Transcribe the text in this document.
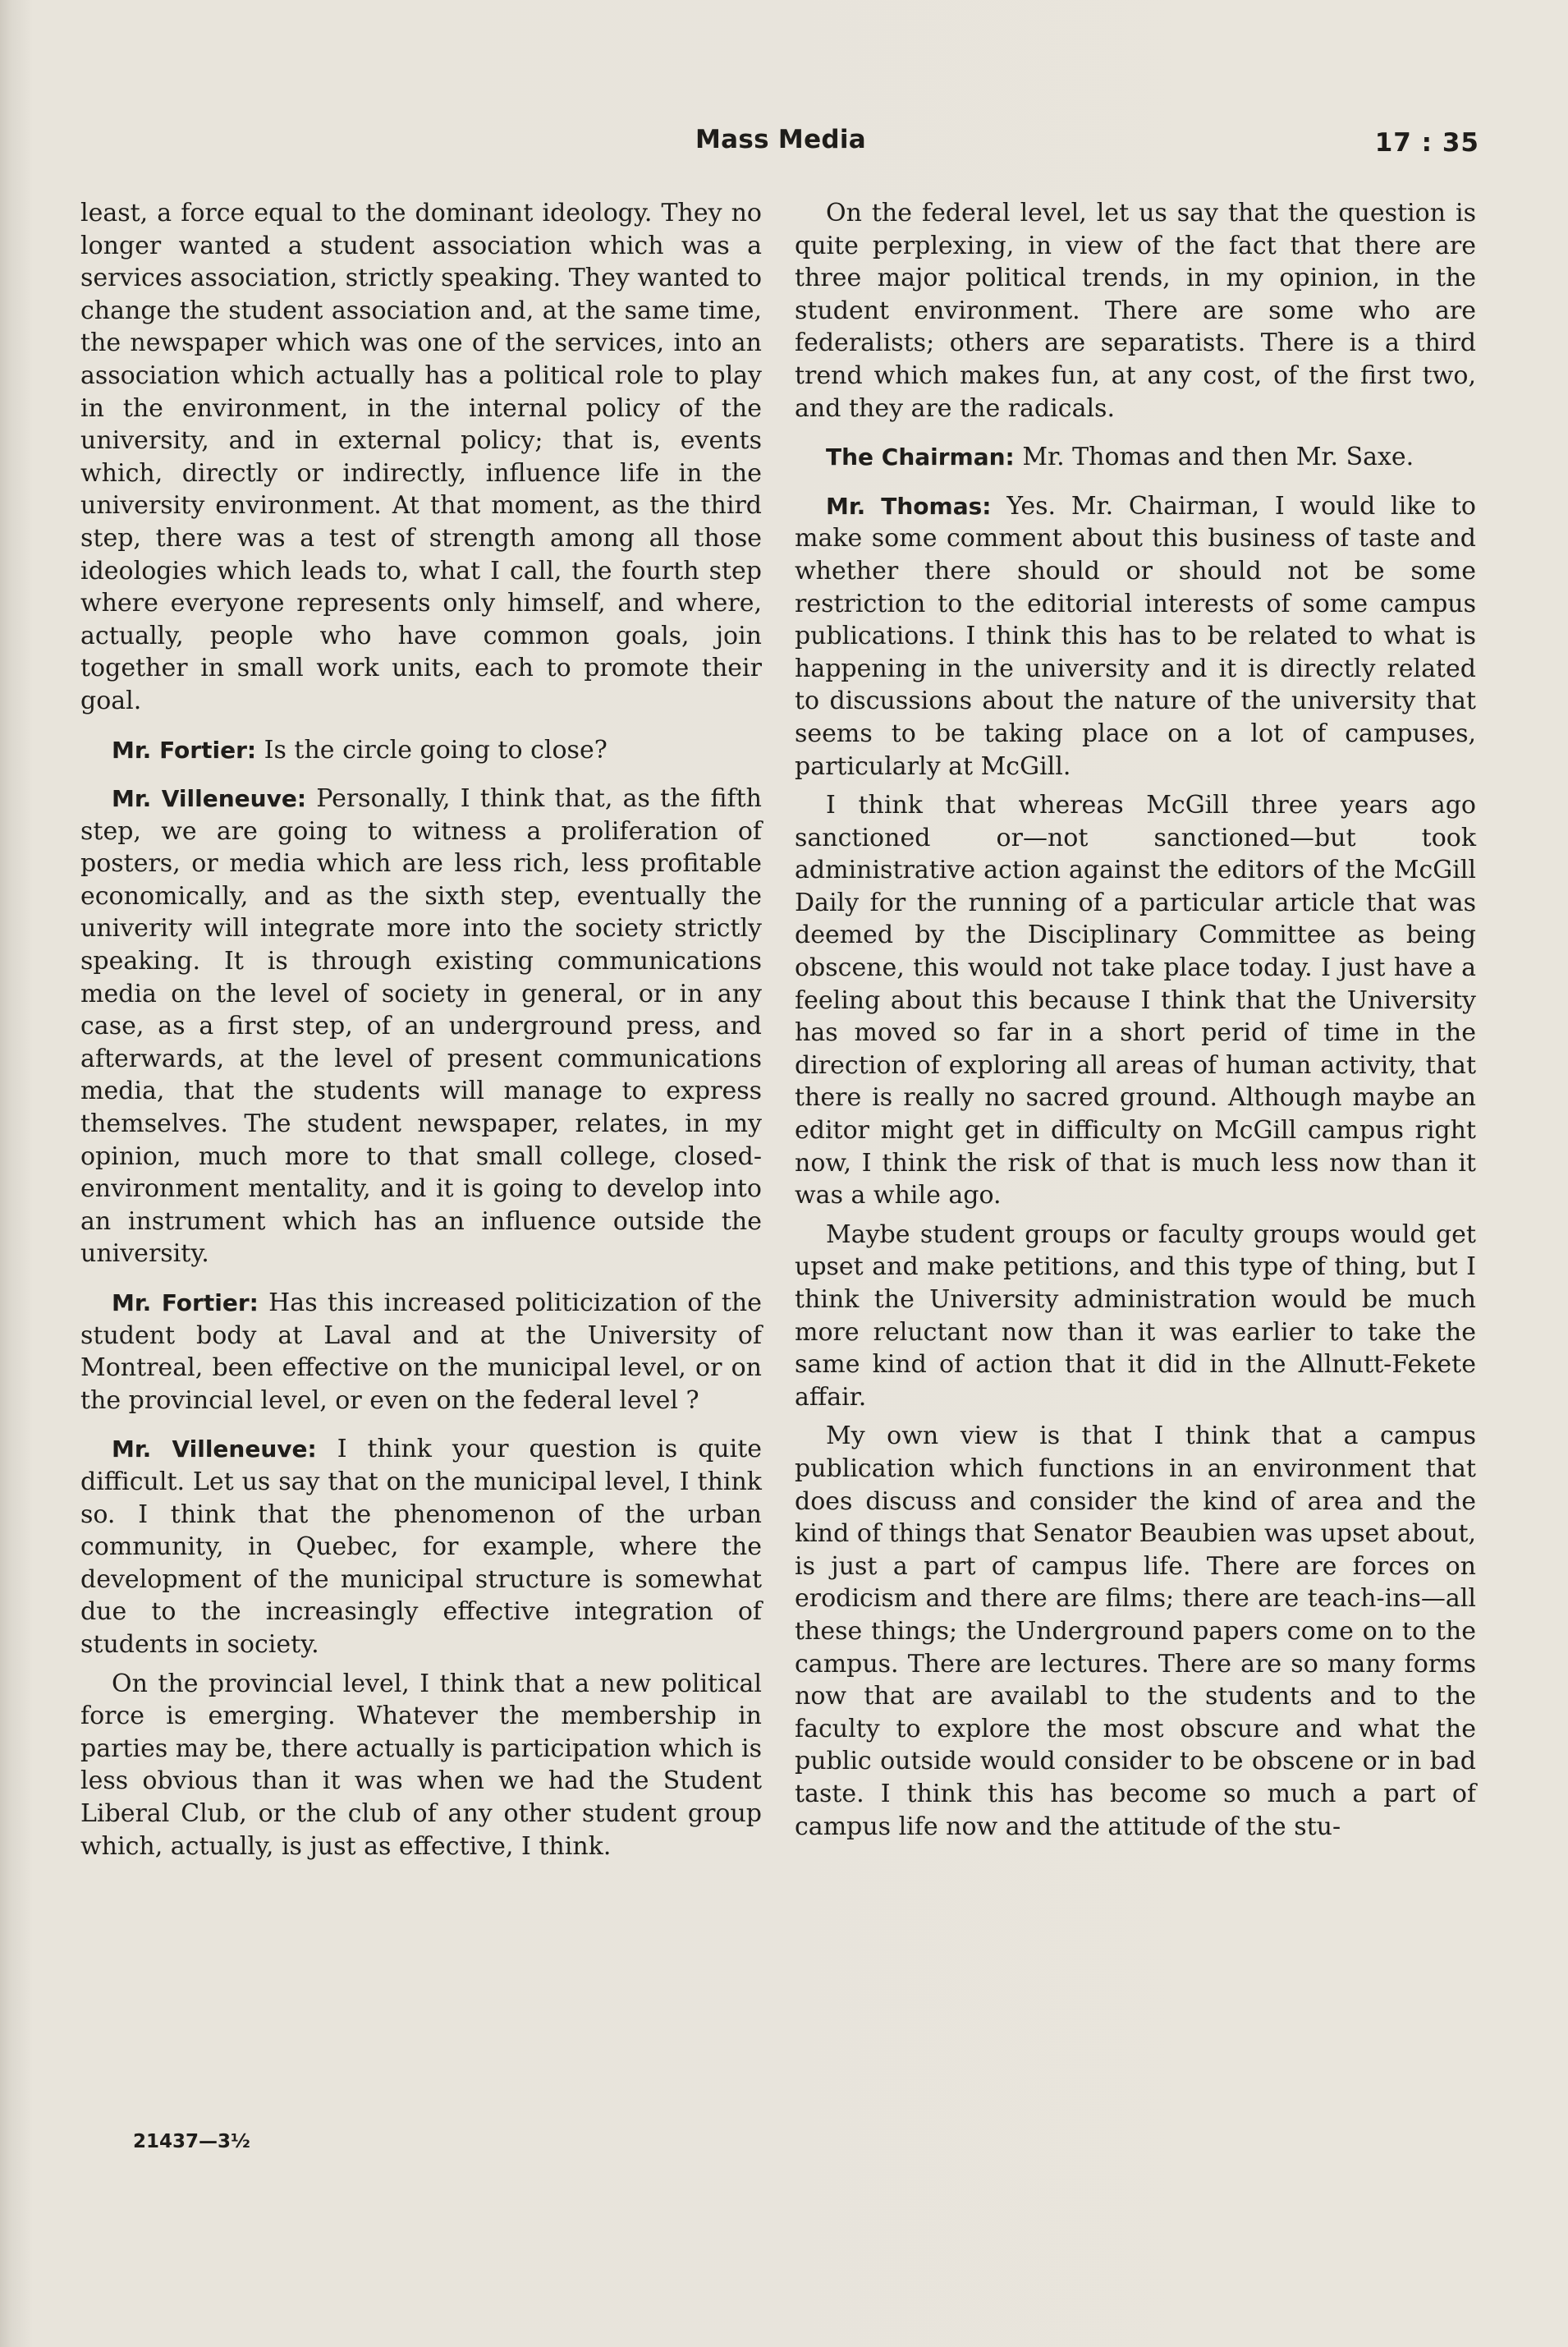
Mass Media	17 : 35

least, a force equal to the dominant ideology. They no longer wanted a student association which was a services association, strictly speaking. They wanted to change the student association and, at the same time, the newspaper which was one of the services, into an association which actually has a political role to play in the environment, in the internal policy of the university, and in external policy; that is, events which, directly or indirectly, influence life in the university environment. At that moment, as the third step, there was a test of strength among all those ideologies which leads to, what I call, the fourth step where everyone represents only himself, and where, actually, people who have common goals, join together in small work units, each to promote their goal.

Mr. Fortier: Is the circle going to close?

Mr. Villeneuve: Personally, I think that, as the fifth step, we are going to witness a proliferation of posters, or media which are less rich, less profitable economically, and as the sixth step, eventually the univerity will integrate more into the society strictly speaking. It is through existing communications media on the level of society in general, or in any case, as a first step, of an underground press, and afterwards, at the level of present communications media, that the students will manage to express themselves. The student newspaper, relates, in my opinion, much more to that small college, closed-environment mentality, and it is going to develop into an instrument which has an influence outside the university.

Mr. Fortier: Has this increased politicization of the student body at Laval and at the University of Montreal, been effective on the municipal level, or on the provincial level, or even on the federal level ?

Mr. Villeneuve: I think your question is quite difficult. Let us say that on the municipal level, I think so. I think that the phenomenon of the urban community, in Quebec, for example, where the development of the municipal structure is somewhat due to the increasingly effective integration of students in society.

On the provincial level, I think that a new political force is emerging. Whatever the membership in parties may be, there actually is participation which is less obvious than it was when we had the Student Liberal Club, or the club of any other student group which, actually, is just as effective, I think.

On the federal level, let us say that the question is quite perplexing, in view of the fact that there are three major political trends, in my opinion, in the student environment. There are some who are federalists; others are separatists. There is a third trend which makes fun, at any cost, of the first two, and they are the radicals.

The Chairman: Mr. Thomas and then Mr. Saxe.

Mr. Thomas: Yes. Mr. Chairman, I would like to make some comment about this business of taste and whether there should or should not be some restriction to the editorial interests of some campus publications. I think this has to be related to what is happening in the university and it is directly related to discussions about the nature of the university that seems to be taking place on a lot of campuses, particularly at McGill.

I think that whereas McGill three years ago sanctioned or—not sanctioned—but took administrative action against the editors of the McGill Daily for the running of a particular article that was deemed by the Disciplinary Committee as being obscene, this would not take place today. I just have a feeling about this because I think that the University has moved so far in a short perid of time in the direction of exploring all areas of human activity, that there is really no sacred ground. Although maybe an editor might get in difficulty on McGill campus right now, I think the risk of that is much less now than it was a while ago.

Maybe student groups or faculty groups would get upset and make petitions, and this type of thing, but I think the University administration would be much more reluctant now than it was earlier to take the same kind of action that it did in the Allnutt-Fekete affair.

My own view is that I think that a campus publication which functions in an environment that does discuss and consider the kind of area and the kind of things that Senator Beaubien was upset about, is just a part of campus life. There are forces on erodicism and there are films; there are teach-ins—all these things; the Underground papers come on to the campus. There are lectures. There are so many forms now that are availabl to the students and to the faculty to explore the most obscure and what the public outside would consider to be obscene or in bad taste. I think this has become so much a part of campus life now and the attitude of the stu-

21437—3½
